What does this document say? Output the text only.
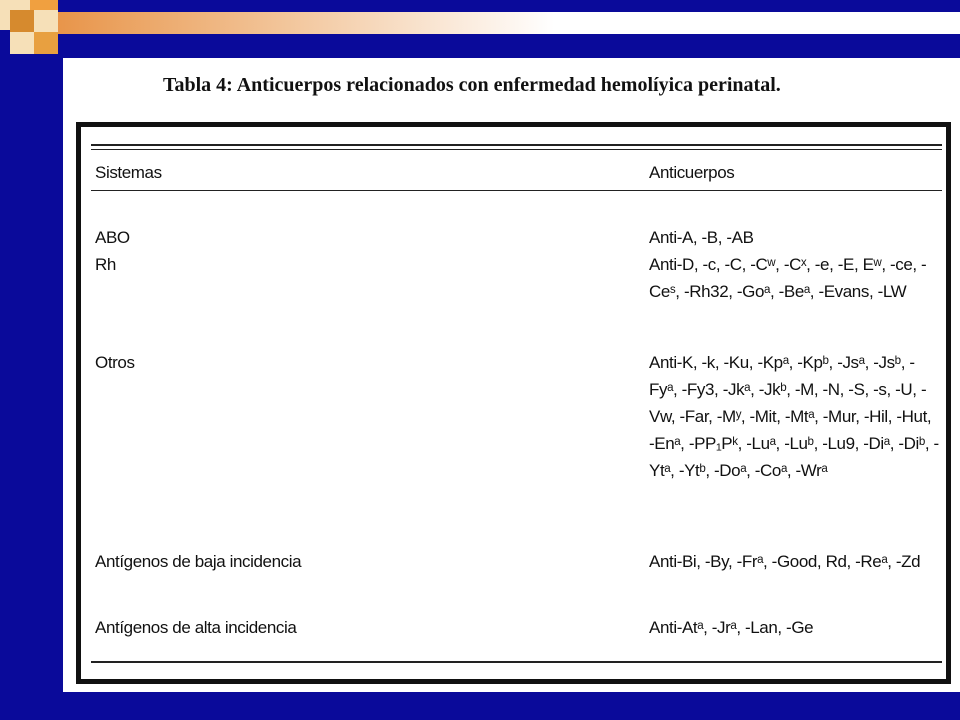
Tabla 4: Anticuerpos relacionados con enfermedad hemolíyica perinatal.
Sistemas	Anticuerpos
ABO	Anti-A, -B, -AB
Rh	Anti-D, -c, -C, -Cʷ, -Cˣ, -e, -E, Eʷ, -ce, -Ceˢ, -Rh32, -Goᵃ, -Beᵃ, -Evans, -LW
Otros	Anti-K, -k, -Ku, -Kpᵃ, -Kpᵇ, -Jsᵃ, -Jsᵇ, -Fyᵃ, -Fy3, -Jkᵃ, -Jkᵇ, -M, -N, -S, -s, -U, -Vw, -Far, -Mʸ, -Mit, -Mtᵃ, -Mur, -Hil, -Hut, -Enᵃ, -PP₁Pᵏ, -Luᵃ, -Luᵇ, -Lu9, -Diᵃ, -Diᵇ, -Ytᵃ, -Ytᵇ, -Doᵃ, -Coᵃ, -Wrᵃ
Antígenos de baja incidencia	Anti-Bi, -By, -Frᵃ, -Good, Rd, -Reᵃ, -Zd
Antígenos de alta incidencia	Anti-Atᵃ, -Jrᵃ, -Lan, -Ge
